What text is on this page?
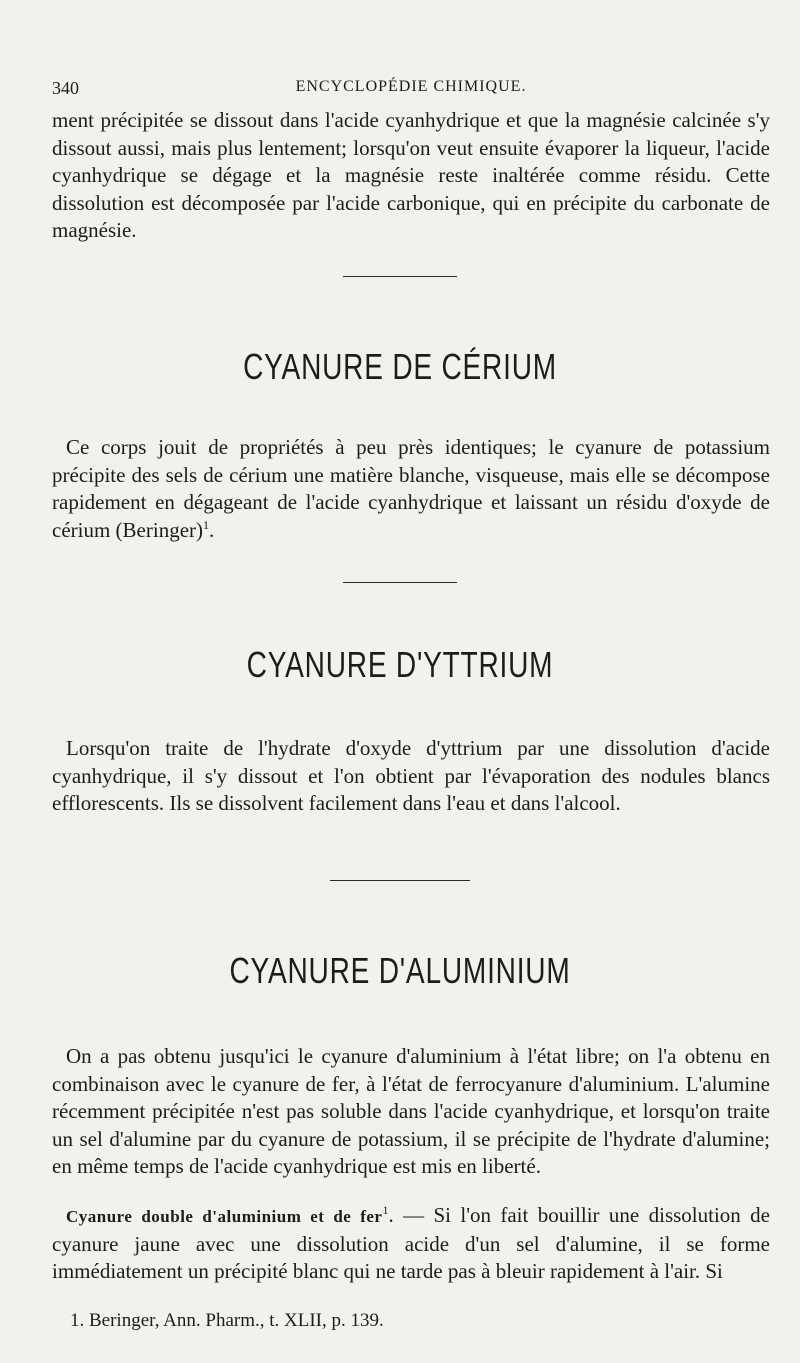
340	ENCYCLOPÉDIE CHIMIQUE.

ment précipitée se dissout dans l'acide cyanhydrique et que la magnésie calcinée s'y dissout aussi, mais plus lentement; lorsqu'on veut ensuite évaporer la liqueur, l'acide cyanhydrique se dégage et la magnésie reste inaltérée comme résidu. Cette dissolution est décomposée par l'acide carbonique, qui en précipite du carbonate de magnésie.

CYANURE DE CÉRIUM

Ce corps jouit de propriétés à peu près identiques; le cyanure de potassium précipite des sels de cérium une matière blanche, visqueuse, mais elle se décompose rapidement en dégageant de l'acide cyanhydrique et laissant un résidu d'oxyde de cérium (Beringer)$^1$.

CYANURE D'YTTRIUM

Lorsqu'on traite de l'hydrate d'oxyde d'yttrium par une dissolution d'acide cyanhydrique, il s'y dissout et l'on obtient par l'évaporation des nodules blancs efflorescents. Ils se dissolvent facilement dans l'eau et dans l'alcool.

CYANURE D'ALUMINIUM

On a pas obtenu jusqu'ici le cyanure d'aluminium à l'état libre; on l'a obtenu en combinaison avec le cyanure de fer, à l'état de ferrocyanure d'aluminium. L'alumine récemment précipitée n'est pas soluble dans l'acide cyanhydrique, et lorsqu'on traite un sel d'alumine par du cyanure de potassium, il se précipite de l'hydrate d'alumine; en même temps de l'acide cyanhydrique est mis en liberté.

Cyanure double d'aluminium et de fer$^1$. — Si l'on fait bouillir une dissolution de cyanure jaune avec une dissolution acide d'un sel d'alumine, il se forme immédiatement un précipité blanc qui ne tarde pas à bleuir rapidement à l'air. Si

1. Beringer, Ann. Pharm., t. XLII, p. 139.
